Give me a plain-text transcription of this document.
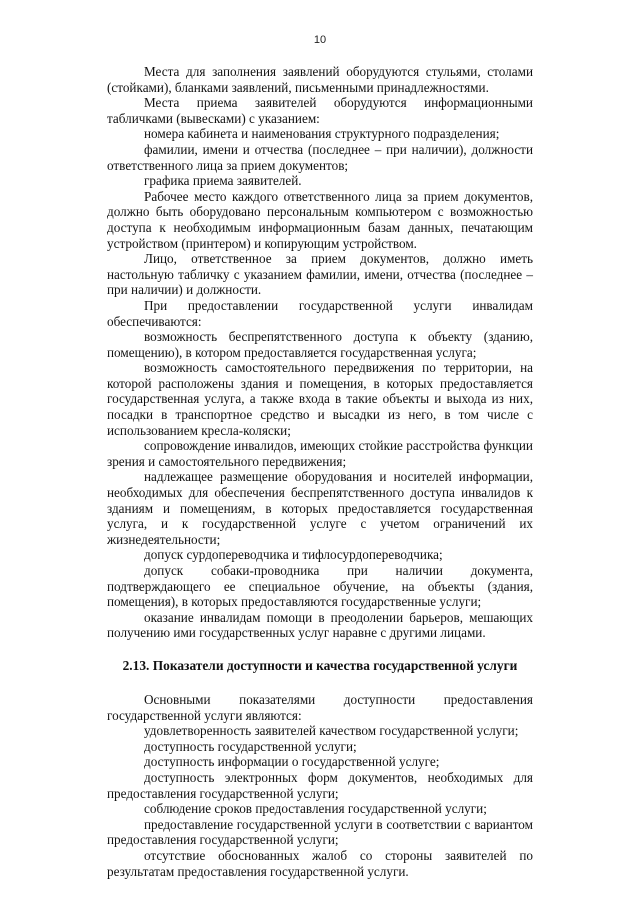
10

Места для заполнения заявлений оборудуются стульями, столами (стойками), бланками заявлений, письменными принадлежностями.

Места приема заявителей оборудуются информационными табличками (вывесками) с указанием:

номера кабинета и наименования структурного подразделения;

фамилии, имени и отчества (последнее – при наличии), должности ответственного лица за прием документов;

графика приема заявителей.

Рабочее место каждого ответственного лица за прием документов, должно быть оборудовано персональным компьютером с возможностью доступа к необходимым информационным базам данных, печатающим устройством (принтером) и копирующим устройством.

Лицо, ответственное за прием документов, должно иметь настольную табличку с указанием фамилии, имени, отчества (последнее – при наличии) и должности.

При предоставлении государственной услуги инвалидам обеспечиваются:

возможность беспрепятственного доступа к объекту (зданию, помещению), в котором предоставляется государственная услуга;

возможность самостоятельного передвижения по территории, на которой расположены здания и помещения, в которых предоставляется государственная услуга, а также входа в такие объекты и выхода из них, посадки в транспортное средство и высадки из него, в том числе с использованием кресла-коляски;

сопровождение инвалидов, имеющих стойкие расстройства функции зрения и самостоятельного передвижения;

надлежащее размещение оборудования и носителей информации, необходимых для обеспечения беспрепятственного доступа инвалидов к зданиям и помещениям, в которых предоставляется государственная услуга, и к государственной услуге с учетом ограничений их жизнедеятельности;

допуск сурдопереводчика и тифлосурдопереводчика;

допуск собаки-проводника при наличии документа, подтверждающего ее специальное обучение, на объекты (здания, помещения), в которых предоставляются государственные услуги;

оказание инвалидам помощи в преодолении барьеров, мешающих получению ими государственных услуг наравне с другими лицами.

2.13. Показатели доступности и качества государственной услуги

Основными показателями доступности предоставления государственной услуги являются:

удовлетворенность заявителей качеством государственной услуги;

доступность государственной услуги;

доступность информации о государственной услуге;

доступность электронных форм документов, необходимых для предоставления государственной услуги;

соблюдение сроков предоставления государственной услуги;

предоставление государственной услуги в соответствии с вариантом предоставления государственной услуги;

отсутствие обоснованных жалоб со стороны заявителей по результатам предоставления государственной услуги.
